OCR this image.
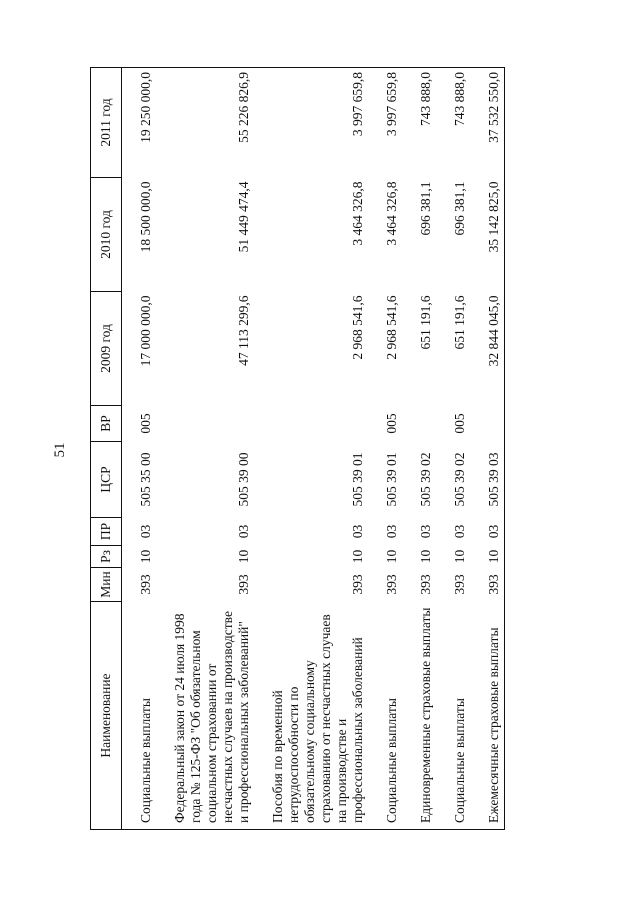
51
Наименование	Мин	Рз	ПР	ЦСР	ВР	2009 год	2010 год	2011 год

Социальные выплаты	393	10	03	505 35 00	005	17 000 000,0	18 500 000,0	19 250 000,0

Федеральный закон от 24 июля 1998 года № 125-ФЗ "Об обязательном социальном страховании от несчастных случаев на производстве и профессиональных заболеваний"	393	10	03	505 39 00		47 113 299,6	51 449 474,4	55 226 826,9

Пособия по временной нетрудоспособности по обязательному социальному страхованию от несчастных случаев на производстве и профессиональных заболеваний	393	10	03	505 39 01		2 968 541,6	3 464 326,8	3 997 659,8

Социальные выплаты	393	10	03	505 39 01	005	2 968 541,6	3 464 326,8	3 997 659,8

Единовременные страховые выплаты	393	10	03	505 39 02		651 191,6	696 381,1	743 888,0

Социальные выплаты	393	10	03	505 39 02	005	651 191,6	696 381,1	743 888,0

Ежемесячные страховые выплаты	393	10	03	505 39 03		32 844 045,0	35 142 825,0	37 532 550,0
